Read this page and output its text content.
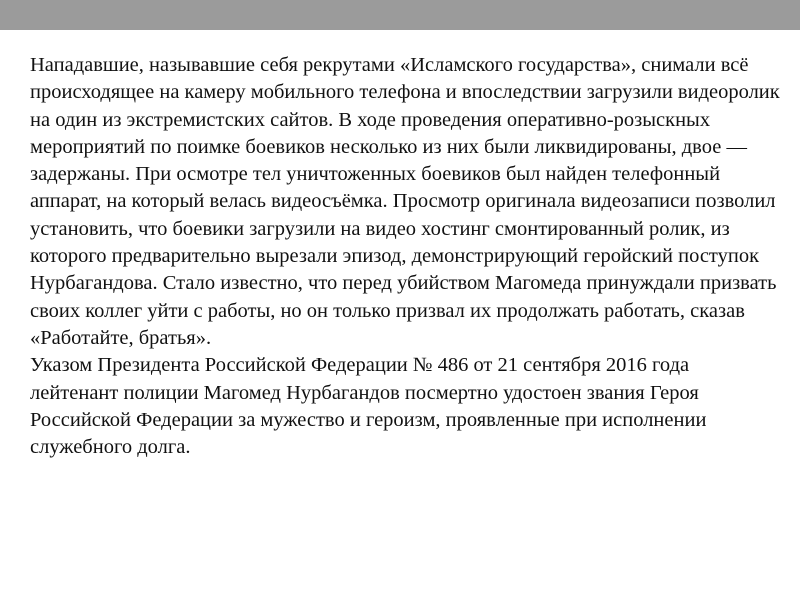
Нападавшие, называвшие себя рекрутами «Исламского государства», снимали всё происходящее на камеру мобильного телефона и впоследствии загрузили видеоролик на один из экстремистских сайтов. В ходе проведения оперативно-розыскных мероприятий по поимке боевиков несколько из них были ликвидированы, двое — задержаны. При осмотре тел уничтоженных боевиков был найден телефонный аппарат, на который велась видеосъёмка. Просмотр оригинала видеозаписи позволил установить, что боевики загрузили на видео хостинг смонтированный ролик, из которого предварительно вырезали эпизод, демонстрирующий геройский поступок Нурбагандова. Стало известно, что перед убийством Магомеда принуждали призвать своих коллег уйти с работы, но он только призвал их продолжать работать, сказав «Работайте, братья».

Указом Президента Российской Федерации № 486 от 21 сентября 2016 года лейтенант полиции Магомед Нурбагандов посмертно удостоен звания Героя Российской Федерации за мужество и героизм, проявленные при исполнении служебного долга.
